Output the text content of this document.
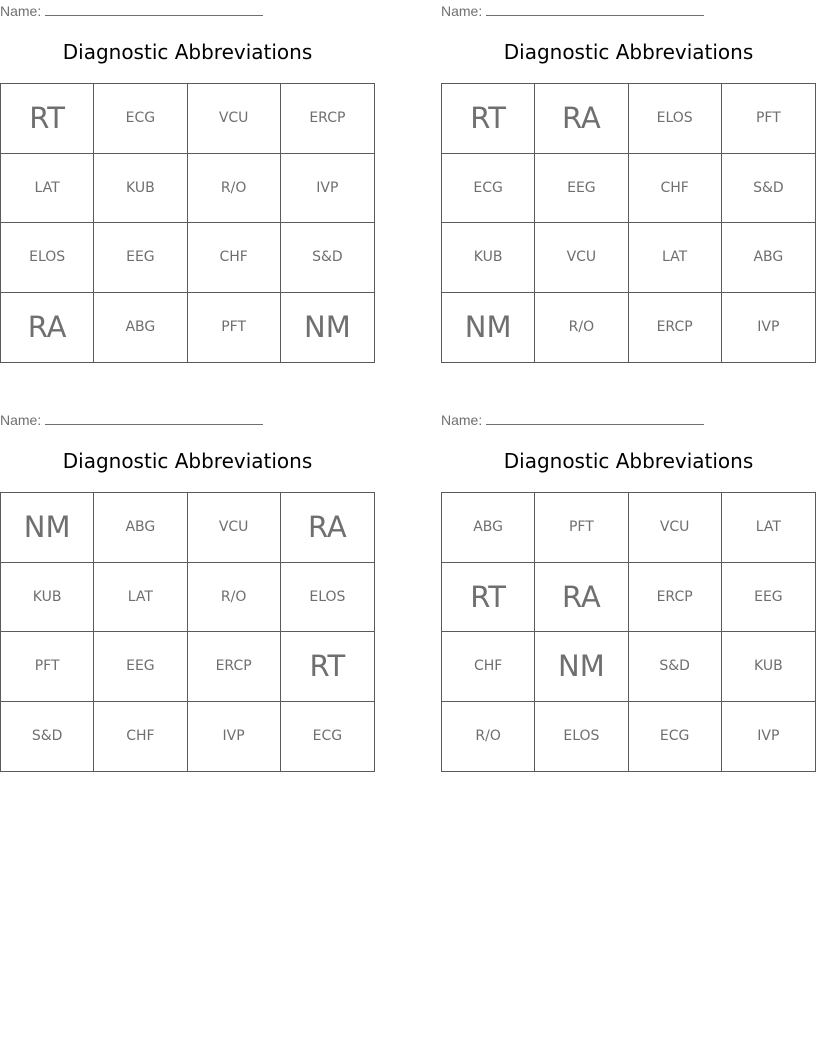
Name:
Diagnostic Abbreviations
RT	ECG	VCU	ERCP
LAT	KUB	R/O	IVP
ELOS	EEG	CHF	S&D
RA	ABG	PFT	NM
Name:
Diagnostic Abbreviations
RT	RA	ELOS	PFT
ECG	EEG	CHF	S&D
KUB	VCU	LAT	ABG
NM	R/O	ERCP	IVP
Name:
Diagnostic Abbreviations
NM	ABG	VCU	RA
KUB	LAT	R/O	ELOS
PFT	EEG	ERCP	RT
S&D	CHF	IVP	ECG
Name:
Diagnostic Abbreviations
ABG	PFT	VCU	LAT
RT	RA	ERCP	EEG
CHF	NM	S&D	KUB
R/O	ELOS	ECG	IVP
